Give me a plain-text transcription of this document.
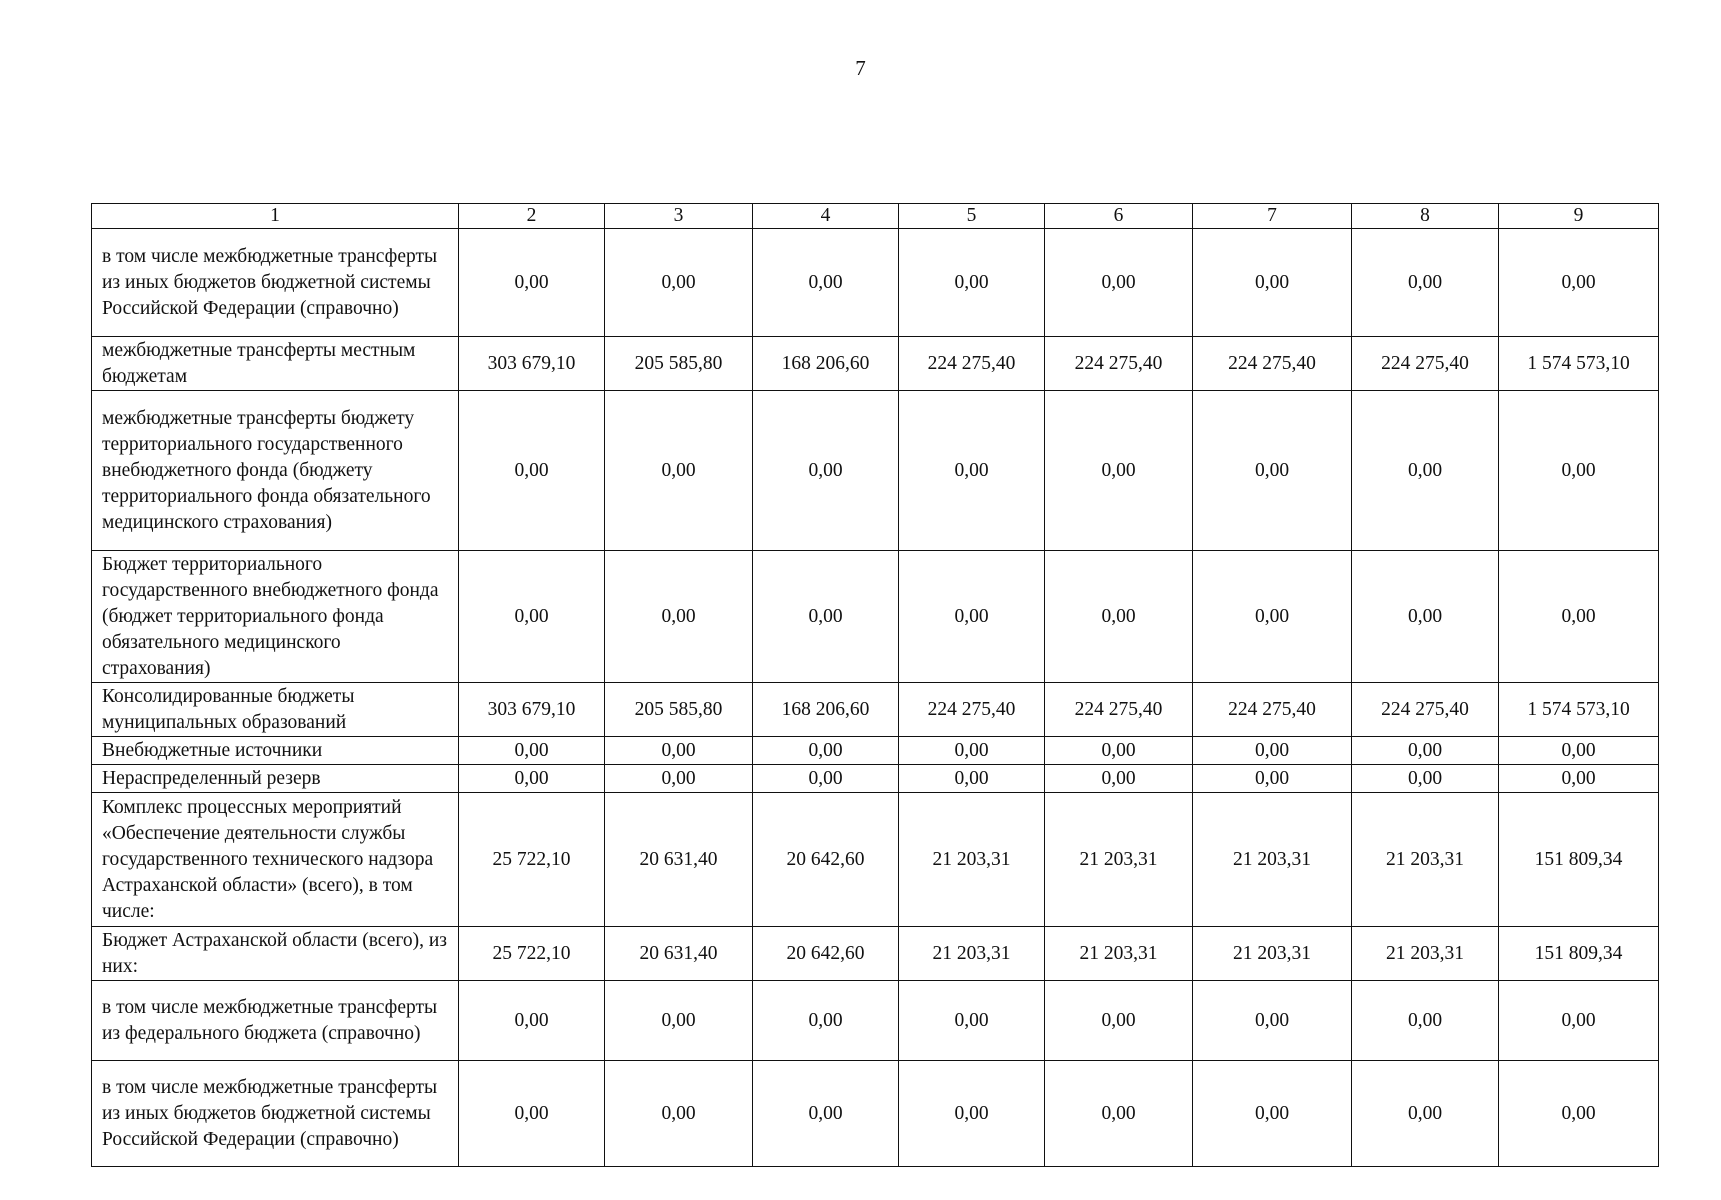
7
1	2	3	4	5	6	7	8	9
в том числе межбюджетные трансферты из иных бюджетов бюджетной системы Российской Федерации (справочно)	0,00	0,00	0,00	0,00	0,00	0,00	0,00	0,00
межбюджетные трансферты местным бюджетам	303 679,10	205 585,80	168 206,60	224 275,40	224 275,40	224 275,40	224 275,40	1 574 573,10
межбюджетные трансферты бюджету территориального государственного внебюджетного фонда (бюджету территориального фонда обязательного медицинского страхования)	0,00	0,00	0,00	0,00	0,00	0,00	0,00	0,00
Бюджет территориального государственного внебюджетного фонда (бюджет территориального фонда обязательного медицинского страхования)	0,00	0,00	0,00	0,00	0,00	0,00	0,00	0,00
Консолидированные бюджеты муниципальных образований	303 679,10	205 585,80	168 206,60	224 275,40	224 275,40	224 275,40	224 275,40	1 574 573,10
Внебюджетные источники	0,00	0,00	0,00	0,00	0,00	0,00	0,00	0,00
Нераспределенный резерв	0,00	0,00	0,00	0,00	0,00	0,00	0,00	0,00
Комплекс процессных мероприятий «Обеспечение деятельности службы государственного технического надзора Астраханской области» (всего), в том числе:	25 722,10	20 631,40	20 642,60	21 203,31	21 203,31	21 203,31	21 203,31	151 809,34
Бюджет Астраханской области (всего), из них:	25 722,10	20 631,40	20 642,60	21 203,31	21 203,31	21 203,31	21 203,31	151 809,34
в том числе межбюджетные трансферты из федерального бюджета (справочно)	0,00	0,00	0,00	0,00	0,00	0,00	0,00	0,00
в том числе межбюджетные трансферты из иных бюджетов бюджетной системы Российской Федерации (справочно)	0,00	0,00	0,00	0,00	0,00	0,00	0,00	0,00
